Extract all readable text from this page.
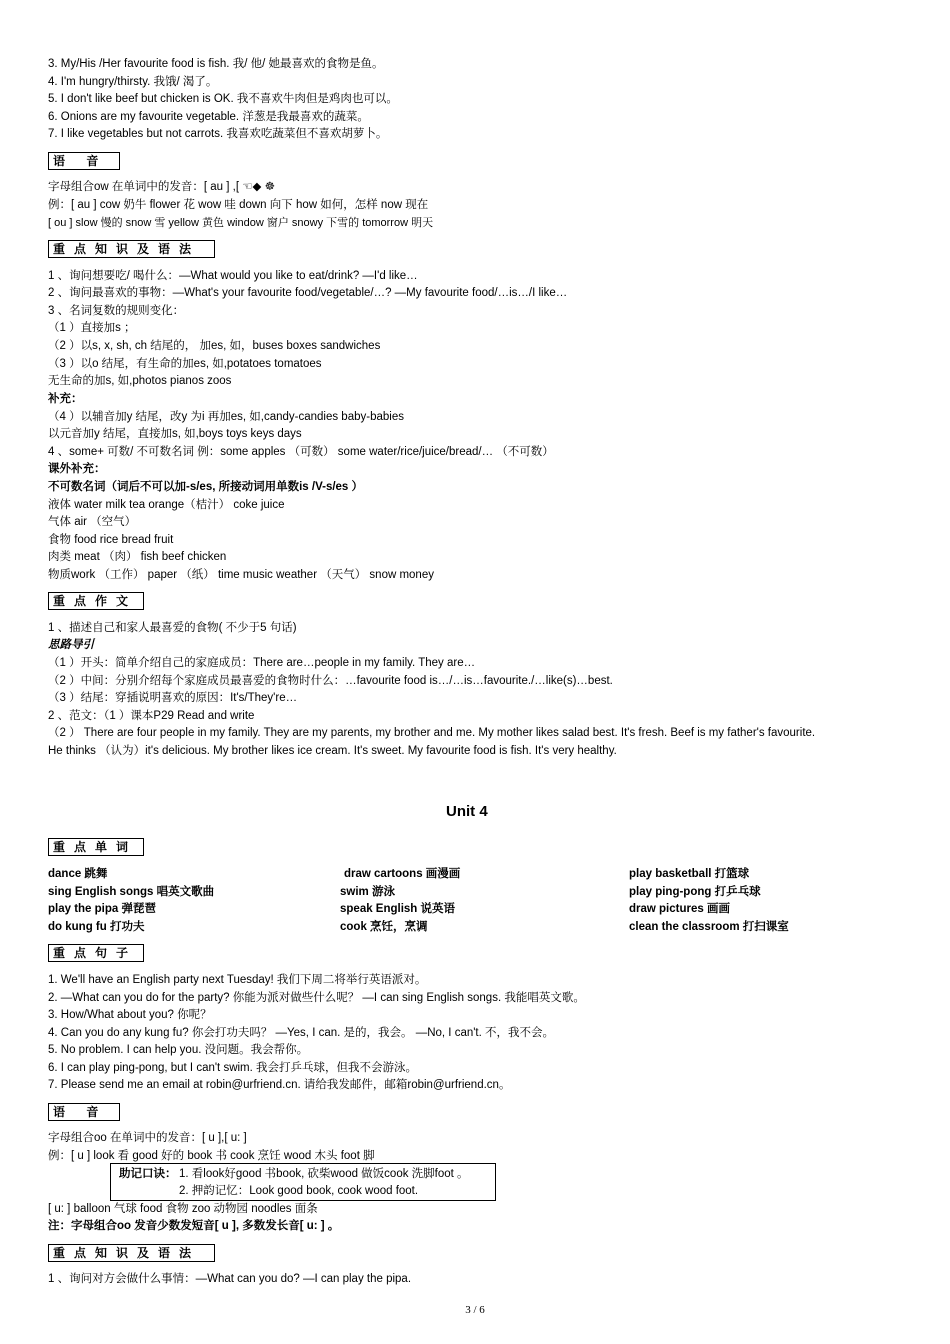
3. My/His /Her favourite food is fish. 我/ 他/ 她最喜欢的食物是鱼。
4. I'm hungry/thirsty. 我饿/ 渴了。
5. I don't like beef but chicken is OK. 我不喜欢牛肉但是鸡肉也可以。
6. Onions are my favourite vegetable. 洋葱是我最喜欢的蔬菜。
7. I like vegetables but not carrots. 我喜欢吃蔬菜但不喜欢胡萝卜。
语 音
字母组合ow 在单词中的发音：[ au ] ,[ ☜◆ ☸
例：[ au ] cow 奶牛 flower 花 wow 哇 down 向下 how 如何，怎样 now 现在
[ ou ] slow 慢的 snow 雪 yellow 黄色 window 窗户 snowy 下雪的 tomorrow 明天
重点知识及语法
1 、询问想要吃/ 喝什么：—What would you like to eat/drink? —I'd like…
2 、询问最喜欢的事物：—What's your favourite food/vegetable/…? —My favourite food/…is…/I like…
3 、名词复数的规则变化：
（1 ）直接加s ；
（2 ）以s, x, sh, ch 结尾的， 加es, 如，buses boxes sandwiches
（3 ）以o 结尾，有生命的加es, 如,potatoes tomatoes
无生命的加s, 如,photos pianos zoos
补充：
（4 ）以辅音加y 结尾，改y 为i 再加es, 如,candy-candies baby-babies
以元音加y 结尾，直接加s, 如,boys toys keys days
4 、some+ 可数/ 不可数名词 例：some apples （可数） some water/rice/juice/bread/… （不可数）
课外补充：
不可数名词（词后不可以加-s/es, 所接动词用单数is /V-s/es ）
液体 water milk tea orange（桔汁） coke juice
气体 air （空气）
食物 food rice bread fruit
肉类 meat （肉） fish beef chicken
物质work （工作） paper （纸） time music weather （天气） snow money
重点作文
1 、描述自己和家人最喜爱的食物( 不少于5 句话)
思路导引
（1 ）开头：简单介绍自己的家庭成员：There are…people in my family. They are…
（2 ）中间：分别介绍每个家庭成员最喜爱的食物时什么：…favourite food is…/…is…favourite./…like(s)…best.
（3 ）结尾：穿插说明喜欢的原因：It's/They're…
2 、范文：（1 ）课本P29 Read and write
（2 ） There are four people in my family. They are my parents, my brother and me. My mother likes salad best. It's fresh. Beef is my father's favourite.
He thinks （认为）it's delicious. My brother likes ice cream. It's sweet. My favourite food is fish. It's very healthy.
Unit 4
重点单词
dance 跳舞
sing English songs 唱英文歌曲
play the pipa 弹琵琶
do kung fu 打功夫
draw cartoons 画漫画
swim 游泳
speak English 说英语
cook 烹饪，烹调
play basketball 打篮球
play ping-pong 打乒乓球
draw pictures 画画
clean the classroom 打扫课室
重点句子
1. We'll have an English party next Tuesday! 我们下周二将举行英语派对。
2. —What can you do for the party? 你能为派对做些什么呢？ —I can sing English songs. 我能唱英文歌。
3. How/What about you? 你呢？
4. Can you do any kung fu? 你会打功夫吗？ —Yes, I can. 是的，我会。 —No, I can't. 不，我不会。
5. No problem. I can help you. 没问题。我会帮你。
6. I can play ping-pong, but I can't swim. 我会打乒乓球，但我不会游泳。
7. Please send me an email at robin@urfriend.cn. 请给我发邮件，邮箱robin@urfriend.cn。
语 音
字母组合oo 在单词中的发音：[ u ],[ u: ]
例：[ u ] look 看 good 好的 book 书 cook 烹饪 wood 木头 foot 脚
助记口诀： 1. 看look好good 书book, 砍柴wood 做饭cook 洗脚foot 。
2. 押韵记忆：Look good book, cook wood foot.
[ u: ] balloon 气球 food 食物 zoo 动物园 noodles 面条
注：字母组合oo 发音少数发短音[ u ], 多数发长音[ u: ] 。
重点知识及语法
1 、询问对方会做什么事情：—What can you do? —I can play the pipa.
3 / 6
